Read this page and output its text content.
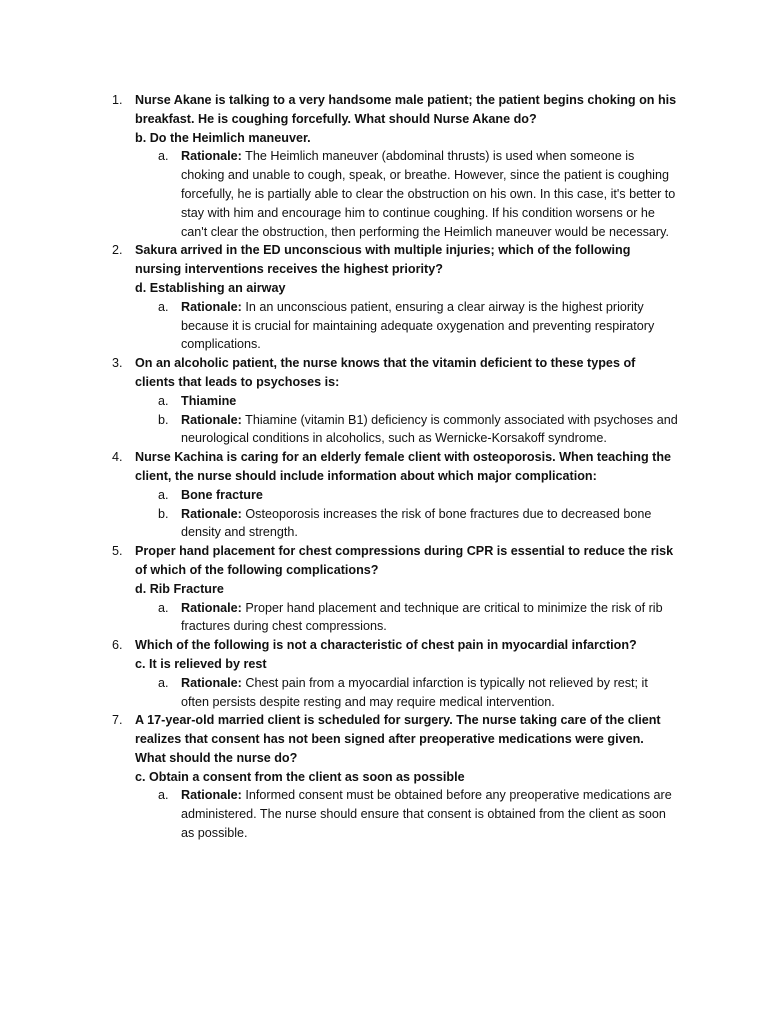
1. Nurse Akane is talking to a very handsome male patient; the patient begins choking on his breakfast. He is coughing forcefully. What should Nurse Akane do?
b. Do the Heimlich maneuver.
a. Rationale: The Heimlich maneuver (abdominal thrusts) is used when someone is choking and unable to cough, speak, or breathe. However, since the patient is coughing forcefully, he is partially able to clear the obstruction on his own. In this case, it's better to stay with him and encourage him to continue coughing. If his condition worsens or he can't clear the obstruction, then performing the Heimlich maneuver would be necessary.
2. Sakura arrived in the ED unconscious with multiple injuries; which of the following nursing interventions receives the highest priority?
d. Establishing an airway
a. Rationale: In an unconscious patient, ensuring a clear airway is the highest priority because it is crucial for maintaining adequate oxygenation and preventing respiratory complications.
3. On an alcoholic patient, the nurse knows that the vitamin deficient to these types of clients that leads to psychoses is:
a. Thiamine
b. Rationale: Thiamine (vitamin B1) deficiency is commonly associated with psychoses and neurological conditions in alcoholics, such as Wernicke-Korsakoff syndrome.
4. Nurse Kachina is caring for an elderly female client with osteoporosis. When teaching the client, the nurse should include information about which major complication:
a. Bone fracture
b. Rationale: Osteoporosis increases the risk of bone fractures due to decreased bone density and strength.
5. Proper hand placement for chest compressions during CPR is essential to reduce the risk of which of the following complications?
d. Rib Fracture
a. Rationale: Proper hand placement and technique are critical to minimize the risk of rib fractures during chest compressions.
6. Which of the following is not a characteristic of chest pain in myocardial infarction?
c. It is relieved by rest
a. Rationale: Chest pain from a myocardial infarction is typically not relieved by rest; it often persists despite resting and may require medical intervention.
7. A 17-year-old married client is scheduled for surgery. The nurse taking care of the client realizes that consent has not been signed after preoperative medications were given. What should the nurse do?
c. Obtain a consent from the client as soon as possible
a. Rationale: Informed consent must be obtained before any preoperative medications are administered. The nurse should ensure that consent is obtained from the client as soon as possible.
